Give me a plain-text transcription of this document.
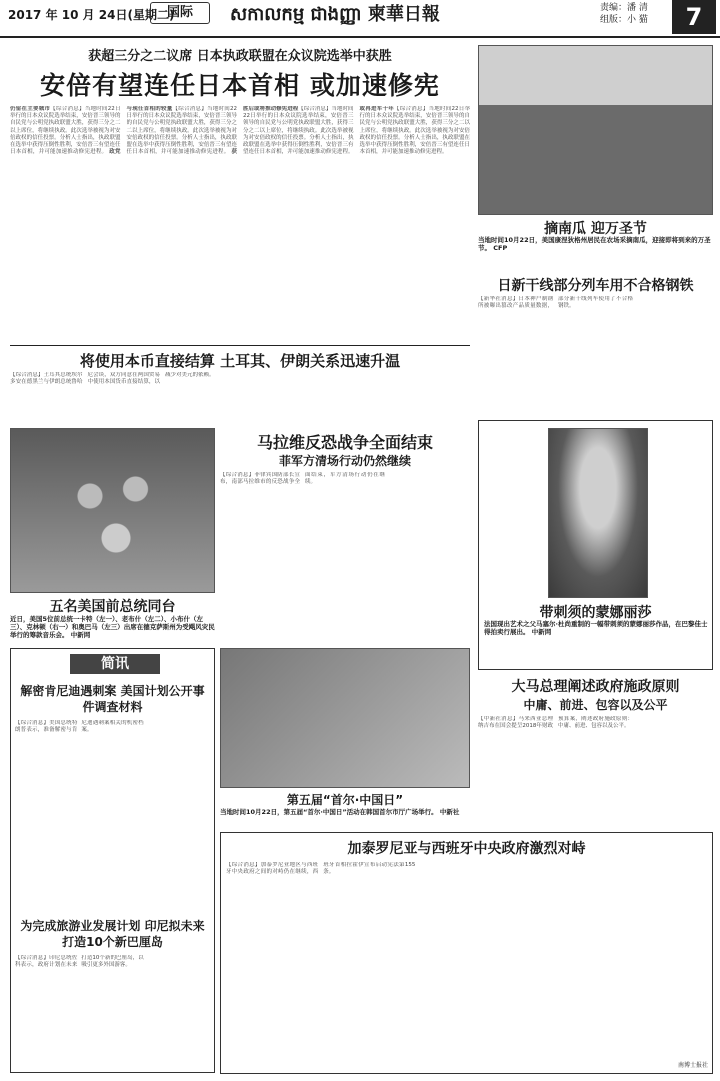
2017 年 10 月 24日(星期二)
国际	សកាលកម្ម ជាងញ្ញា 柬華日報	责编：潘 清
组版：小 猫	7
获超三分之二议席 日本执政联盟在众议院选举中获胜
安倍有望连任日本首相 或加速修宪
仍留在主要城市【综合消息】当地时间22日举行的日本众议院选举结束，安倍晋三领导的自民党与公明党执政联盟大胜，获得三分之二以上席位，将继续执政。此次选举被视为对安倍政权的信任投票。分析人士指出，执政联盟在选举中获得压倒性胜利，安倍晋三有望连任日本首相，并可能加速推动修宪进程。 政党与现任首相的较量【综合消息】当地时间22日举行的日本众议院选举结束，安倍晋三领导的自民党与公明党执政联盟大胜，获得三分之二以上席位，将继续执政。此次选举被视为对安倍政权的信任投票。分析人士指出，执政联盟在选举中获得压倒性胜利，安倍晋三有望连任日本首相，并可能加速推动修宪进程。 获胜后或将推动修宪进程【综合消息】当地时间22日举行的日本众议院选举结束，安倍晋三领导的自民党与公明党执政联盟大胜，获得三分之二以上席位，将继续执政。此次选举被视为对安倍政权的信任投票。分析人士指出，执政联盟在选举中获得压倒性胜利，安倍晋三有望连任日本首相，并可能加速推动修宪进程。 或再进军十年【综合消息】当地时间22日举行的日本众议院选举结束，安倍晋三领导的自民党与公明党执政联盟大胜，获得三分之二以上席位，将继续执政。此次选举被视为对安倍政权的信任投票。分析人士指出，执政联盟在选举中获得压倒性胜利，安倍晋三有望连任日本首相，并可能加速推动修宪进程。
将使用本币直接结算 土耳其、伊朗关系迅速升温
【综合消息】土耳其总统埃尔多安在德黑兰与伊朗总统鲁哈尼会谈，双方同意在两国贸易中使用本国货币直接结算，以减少对美元的依赖。
五名美国前总统同台
近日，美国5位前总统一卡特（左一）、老布什（左二）、小布什（左三）、克林顿（右一）和奥巴马（左三）出席在德克萨斯州为受飓风灾民举行的筹款音乐会。 中新网
简讯
解密肯尼迪遇刺案 美国计划公开事件调查材料
【综合消息】美国总统特朗普表示，准备解密与肯尼迪遇刺案相关的机密档案。
为完成旅游业发展计划 印尼拟未来打造10个新巴厘岛
【综合消息】印尼总统佐科表示，政府计划在未来打造10个新的巴厘岛，以吸引更多外国游客。
马拉维反恐战争全面结束
菲军方清场行动仍然继续
【综合消息】菲律宾国防部长宣布，南部马拉维市的反恐战争全面结束，军方清场行动仍在继续。
第五届“首尔·中国日”
当地时间10月22日，第五届“首尔·中国日”活动在韩国首尔市厅广场举行。 中新社
摘南瓜 迎万圣节
当地时间10月22日，美国康涅狄格州居民在农场采摘南瓜，迎接即将到来的万圣节。 CFP
日新干线部分列车用不合格钢铁
【新华社消息】日本神户制钢所被曝出篡改产品质量数据，部分新干线列车使用了不合格钢铁。
带刺须的蒙娜丽莎
法国现出艺术之父马塞尔·杜尚重制的一幅带刺须的蒙娜丽莎作品，在巴黎佳士得拍卖行展出。 中新网
大马总理阐述政府施政原则
中庸、前进、包容以及公平
【中新社消息】马来西亚总理纳吉布在国会提呈2018年财政预算案，阐述政府施政原则：中庸、前进、包容以及公平。
加泰罗尼亚与西班牙中央政府激烈对峙
【综合消息】加泰罗尼亚地区与西班牙中央政府之间的对峙仍在继续，西班牙首相拉霍伊宣布启动宪法第155条。
南博士报社
